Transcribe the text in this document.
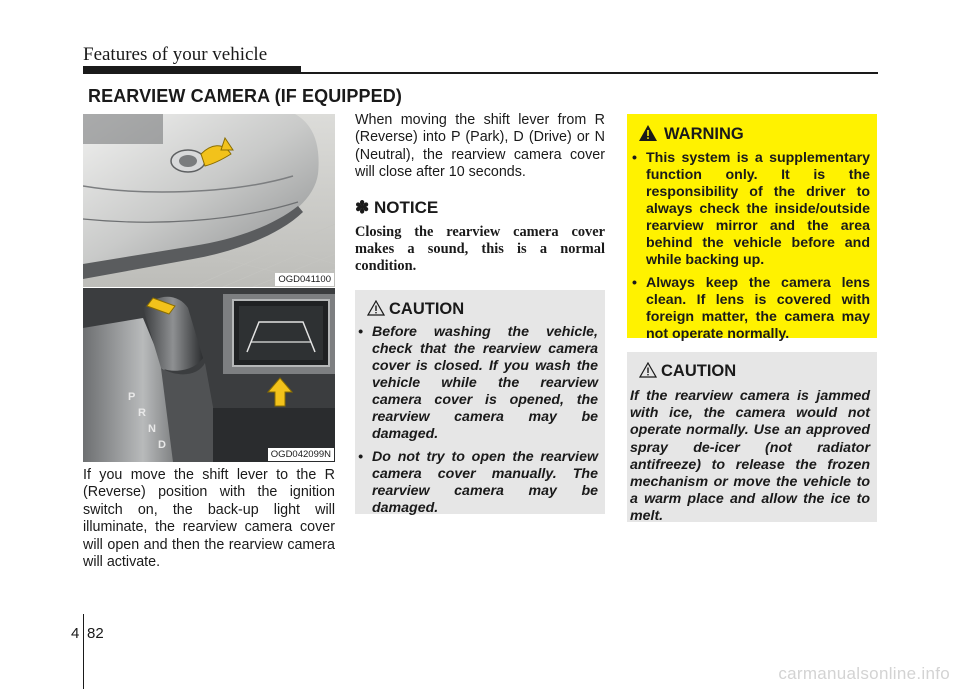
Features of your vehicle
REARVIEW CAMERA (IF EQUIPPED)
OGD041100
P
R
N
D
OGD042099N
If you move the shift lever to the R (Reverse) position with the ignition switch on, the back-up light will illuminate, the rearview camera cover will open and then the rearview camera will activate.
When moving the shift lever from R (Reverse) into P (Park), D (Drive) or N (Neutral), the rearview camera cover will close after 10 seconds.
✽ NOTICE
Closing the rearview camera cover makes a sound, this is a normal condition.
CAUTION
• Before washing the vehicle, check that the rearview camera cover is closed. If you wash the vehicle while the rearview camera cover is opened, the rearview camera may be damaged.
• Do not try to open the rearview camera cover manually. The rearview camera may be damaged.
WARNING
• This system is a supplementary function only. It is the responsibility of the driver to always check the inside/outside rearview mirror and the area behind the vehicle before and while backing up.
• Always keep the camera lens clean. If lens is covered with foreign matter, the camera may not operate normally.
CAUTION
If the rearview camera is jammed with ice, the camera would not operate normally. Use an approved spray de-icer (not radiator antifreeze) to release the frozen mechanism or move the vehicle to a warm place and allow the ice to melt.
4 82
carmanualsonline.info
